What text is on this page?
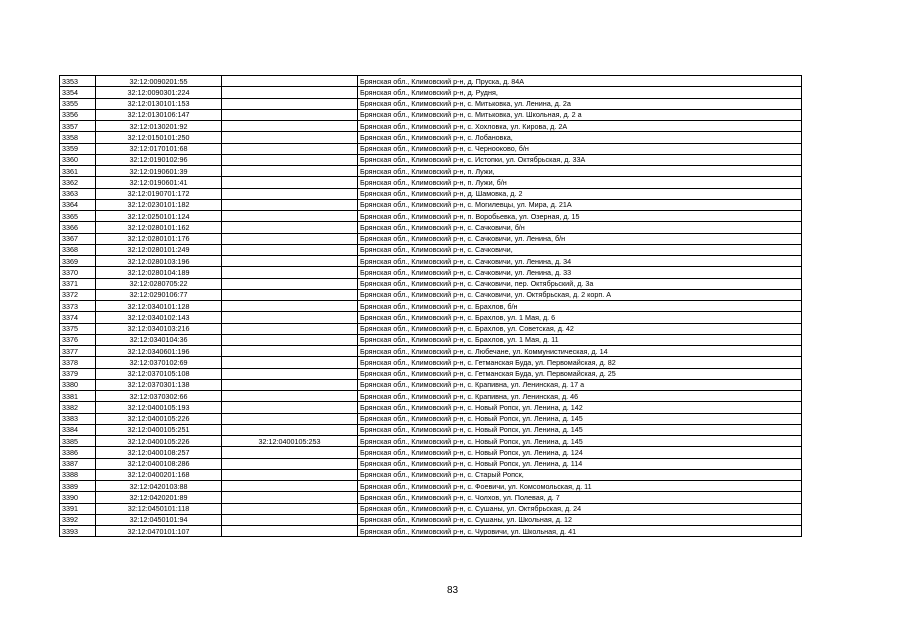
3353	32:12:0090201:55		Брянская обл., Климовский р-н, д. Пруска, д. 84А
3354	32:12:0090301:224		Брянская обл., Климовский р-н, д. Рудня,
3355	32:12:0130101:153		Брянская обл., Климовский р-н, с. Митьковка, ул. Ленина, д. 2а
3356	32:12:0130106:147		Брянская обл., Климовский р-н, с. Митьковка, ул. Школьная, д. 2 а
3357	32:12:0130201:92		Брянская обл., Климовский р-н, с. Хохловка, ул. Кирова, д. 2А
3358	32:12:0150101:250		Брянская обл., Климовский р-н, с. Лобановка,
3359	32:12:0170101:68		Брянская обл., Климовский р-н, с. Чернооково, б/н
3360	32:12:0190102:96		Брянская обл., Климовский р-н, с. Истопки, ул. Октябрьская, д. 33А
3361	32:12:0190601:39		Брянская обл., Климовский р-н, п. Лужи,
3362	32:12:0190601:41		Брянская обл., Климовский р-н, п. Лужи, б/н
3363	32:12:0190701:172		Брянская обл., Климовский р-н, д. Шамовка, д. 2
3364	32:12:0230101:182		Брянская обл., Климовский р-н, с. Могилевцы, ул. Мира, д. 21А
3365	32:12:0250101:124		Брянская обл., Климовский р-н, п. Воробьевка, ул. Озерная, д. 15
3366	32:12:0280101:162		Брянская обл., Климовский р-н, с. Сачковичи, б/н
3367	32:12:0280101:176		Брянская обл., Климовский р-н, с. Сачковичи, ул. Ленина, б/н
3368	32:12:0280101:249		Брянская обл., Климовский р-н, с. Сачковичи,
3369	32:12:0280103:196		Брянская обл., Климовский р-н, с. Сачковичи, ул. Ленина, д. 34
3370	32:12:0280104:189		Брянская обл., Климовский р-н, с. Сачковичи, ул. Ленина, д. 33
3371	32:12:0280705:22		Брянская обл., Климовский р-н, с. Сачковичи, пер. Октябрьский, д. 3а
3372	32:12:0290106:77		Брянская обл., Климовский р-н, с. Сачковичи, ул. Октябрьская, д. 2 корп. А
3373	32:12:0340101:128		Брянская обл., Климовский р-н, с. Брахлов, б/н
3374	32:12:0340102:143		Брянская обл., Климовский р-н, с. Брахлов, ул. 1 Мая, д. 6
3375	32:12:0340103:216		Брянская обл., Климовский р-н, с. Брахлов, ул. Советская, д. 42
3376	32:12:0340104:36		Брянская обл., Климовский р-н, с. Брахлов, ул. 1 Мая, д. 11
3377	32:12:0340601:196		Брянская обл., Климовский р-н, с. Любечане, ул. Коммунистическая, д. 14
3378	32:12:0370102:69		Брянская обл., Климовский р-н, с. Гетманская Буда, ул. Первомайская, д. 82
3379	32:12:0370105:108		Брянская обл., Климовский р-н, с. Гетманская Буда, ул. Первомайская, д. 25
3380	32:12:0370301:138		Брянская обл., Климовский р-н, с. Крапивна, ул. Ленинская, д. 17 а
3381	32:12:0370302:66		Брянская обл., Климовский р-н, с. Крапивна, ул. Ленинская, д. 46
3382	32:12:0400105:193		Брянская обл., Климовский р-н, с. Новый Ропск, ул. Ленина, д. 142
3383	32:12:0400105:226		Брянская обл., Климовский р-н, с. Новый Ропск, ул. Ленина, д. 145
3384	32:12:0400105:251		Брянская обл., Климовский р-н, с. Новый Ропск, ул. Ленина, д. 145
3385	32:12:0400105:226	32:12:0400105:253	Брянская обл., Климовский р-н, с. Новый Ропск, ул. Ленина, д. 145
3386	32:12:0400108:257		Брянская обл., Климовский р-н, с. Новый Ропск, ул. Ленина, д. 124
3387	32:12:0400108:286		Брянская обл., Климовский р-н, с. Новый Ропск, ул. Ленина, д. 114
3388	32:12:0400201:168		Брянская обл., Климовский р-н, с. Старый Ропск,
3389	32:12:0420103:88		Брянская обл., Климовский р-н, с. Фоевичи, ул. Комсомольская, д. 11
3390	32:12:0420201:89		Брянская обл., Климовский р-н, с. Чолхов, ул. Полевая, д. 7
3391	32:12:0450101:118		Брянская обл., Климовский р-н, с. Сушаны, ул. Октябрьская, д. 24
3392	32:12:0450101:94		Брянская обл., Климовский р-н, с. Сушаны, ул. Школьная, д. 12
3393	32:12:0470101:107		Брянская обл., Климовский р-н, с. Чуровичи, ул. Школьная, д. 41
83
